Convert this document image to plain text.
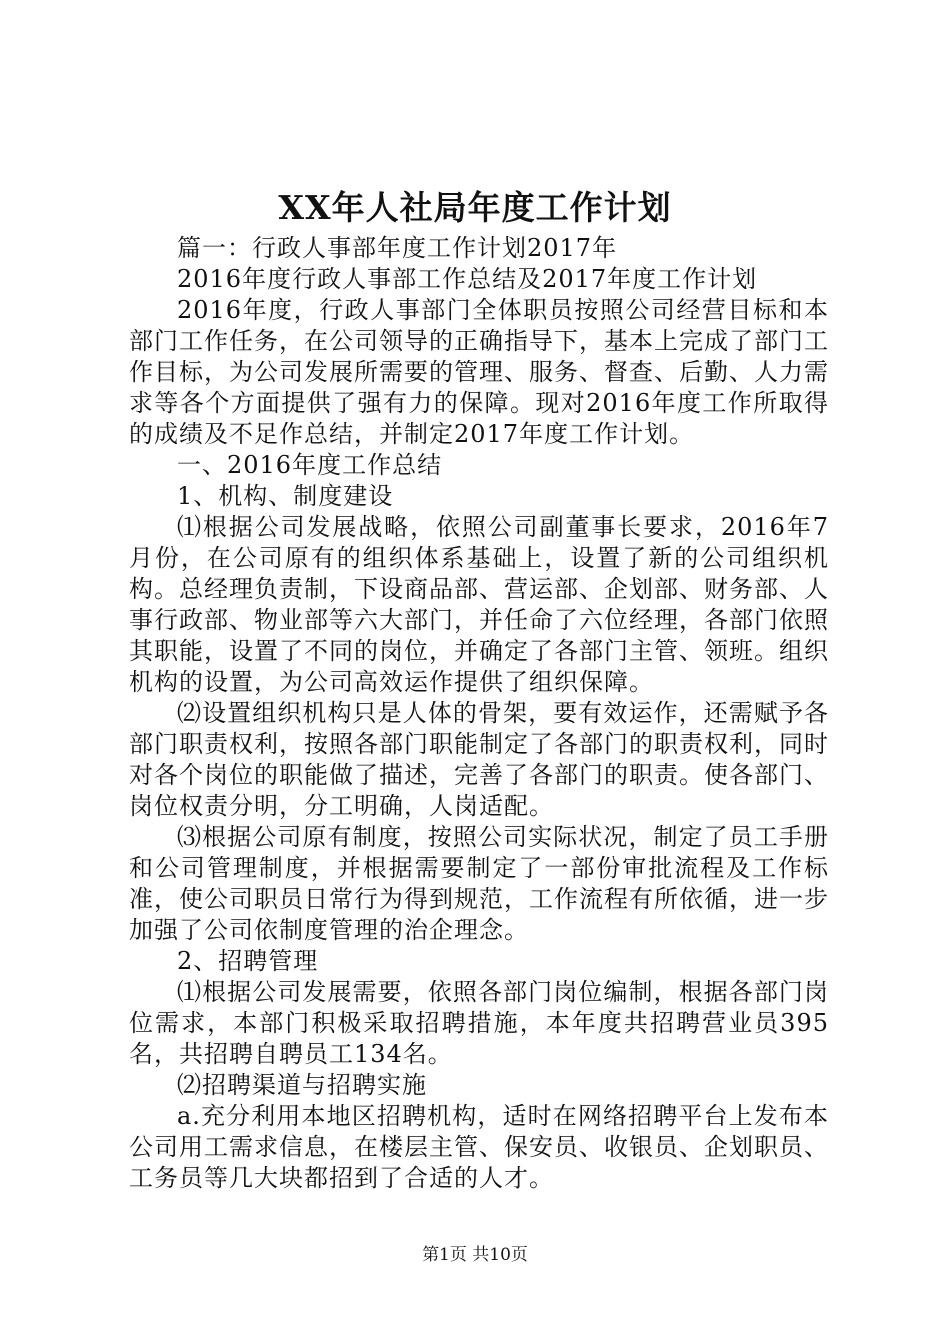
XX年人社局年度工作计划

篇一：行政人事部年度工作计划2017年

2016年度行政人事部工作总结及2017年度工作计划

2016年度，行政人事部门全体职员按照公司经营目标和本部门工作任务，在公司领导的正确指导下，基本上完成了部门工作目标，为公司发展所需要的管理、服务、督查、后勤、人力需求等各个方面提供了强有力的保障。现对2016年度工作所取得的成绩及不足作总结，并制定2017年度工作计划。

一、2016年度工作总结

1、机构、制度建设

⑴根据公司发展战略，依照公司副董事长要求，2016年7月份，在公司原有的组织体系基础上，设置了新的公司组织机构。总经理负责制，下设商品部、营运部、企划部、财务部、人事行政部、物业部等六大部门，并任命了六位经理，各部门依照其职能，设置了不同的岗位，并确定了各部门主管、领班。组织机构的设置，为公司高效运作提供了组织保障。

⑵设置组织机构只是人体的骨架，要有效运作，还需赋予各部门职责权利，按照各部门职能制定了各部门的职责权利，同时对各个岗位的职能做了描述，完善了各部门的职责。使各部门、岗位权责分明，分工明确，人岗适配。

⑶根据公司原有制度，按照公司实际状况，制定了员工手册和公司管理制度，并根据需要制定了一部份审批流程及工作标准，使公司职员日常行为得到规范，工作流程有所依循，进一步加强了公司依制度管理的治企理念。

2、招聘管理

⑴根据公司发展需要，依照各部门岗位编制，根据各部门岗位需求，本部门积极采取招聘措施，本年度共招聘营业员395名，共招聘自聘员工134名。

⑵招聘渠道与招聘实施

a.充分利用本地区招聘机构，适时在网络招聘平台上发布本公司用工需求信息，在楼层主管、保安员、收银员、企划职员、工务员等几大块都招到了合适的人才。

第1页 共10页
